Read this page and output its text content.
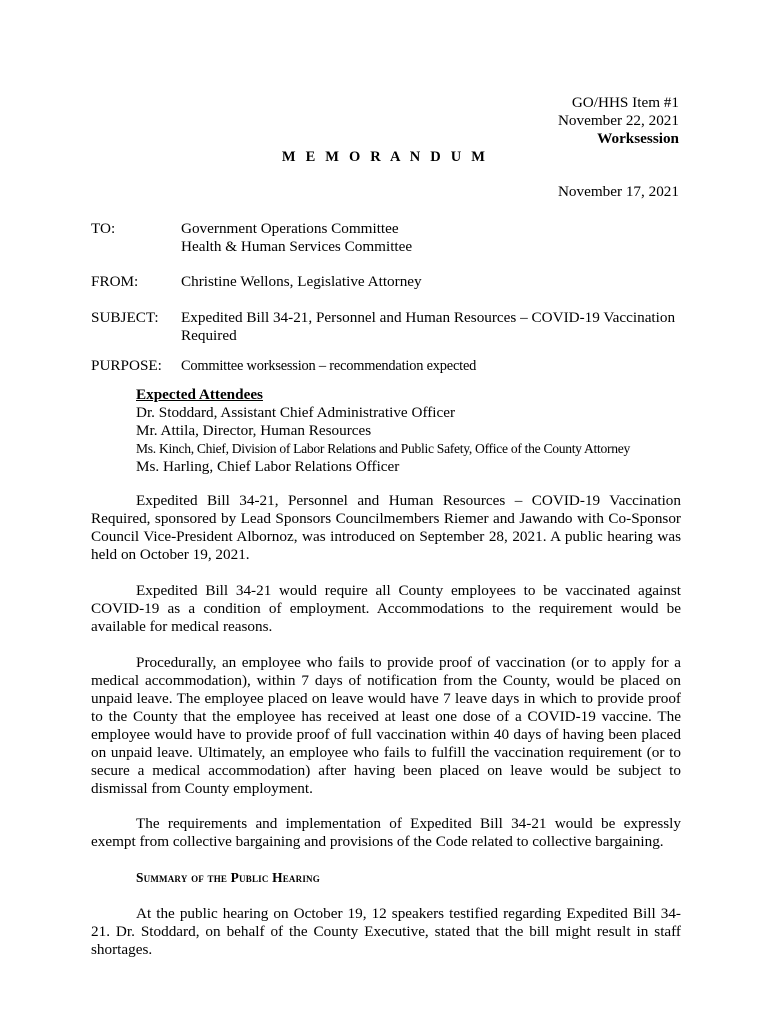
GO/HHS Item #1
November 22, 2021
Worksession
M E M O R A N D U M
November 17, 2021
TO:	Government Operations Committee
Health & Human Services Committee
FROM:	Christine Wellons, Legislative Attorney
SUBJECT: Expedited Bill 34-21, Personnel and Human Resources – COVID-19 Vaccination Required
PURPOSE: Committee worksession – recommendation expected
Expected Attendees
Dr. Stoddard, Assistant Chief Administrative Officer
Mr. Attila, Director, Human Resources
Ms. Kinch, Chief, Division of Labor Relations and Public Safety, Office of the County Attorney
Ms. Harling, Chief Labor Relations Officer
Expedited Bill 34-21, Personnel and Human Resources – COVID-19 Vaccination Required, sponsored by Lead Sponsors Councilmembers Riemer and Jawando with Co-Sponsor Council Vice-President Albornoz, was introduced on September 28, 2021. A public hearing was held on October 19, 2021.
Expedited Bill 34-21 would require all County employees to be vaccinated against COVID-19 as a condition of employment. Accommodations to the requirement would be available for medical reasons.
Procedurally, an employee who fails to provide proof of vaccination (or to apply for a medical accommodation), within 7 days of notification from the County, would be placed on unpaid leave. The employee placed on leave would have 7 leave days in which to provide proof to the County that the employee has received at least one dose of a COVID-19 vaccine. The employee would have to provide proof of full vaccination within 40 days of having been placed on unpaid leave. Ultimately, an employee who fails to fulfill the vaccination requirement (or to secure a medical accommodation) after having been placed on leave would be subject to dismissal from County employment.
The requirements and implementation of Expedited Bill 34-21 would be expressly exempt from collective bargaining and provisions of the Code related to collective bargaining.
Summary of the Public Hearing
At the public hearing on October 19, 12 speakers testified regarding Expedited Bill 34-21. Dr. Stoddard, on behalf of the County Executive, stated that the bill might result in staff shortages.
